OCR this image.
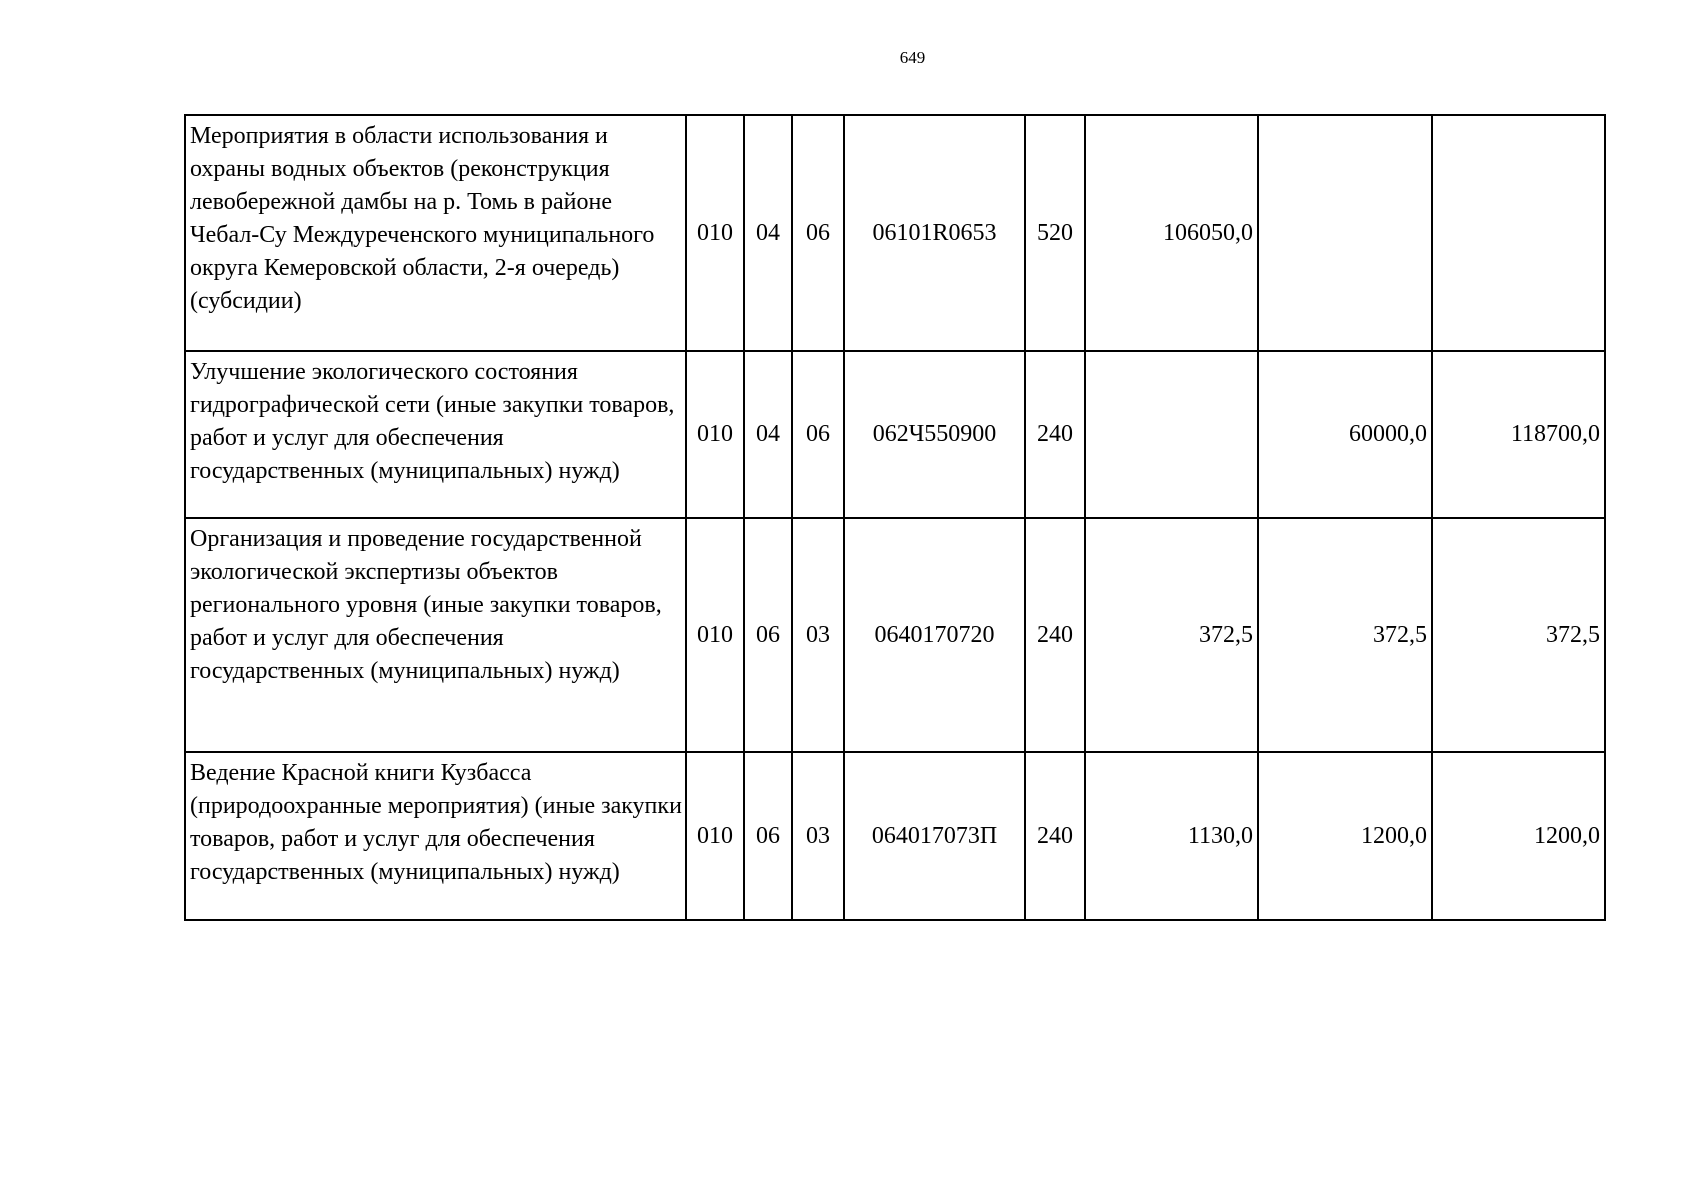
649
Мероприятия в области использования и охраны водных объектов (реконструкция левобережной дамбы на р. Томь в районе Чебал-Су Междуреченского муниципального округа Кемеровской области, 2-я очередь) (субсидии)	010	04	06	06101R0653	520	106050,0		
Улучшение экологического состояния гидрографической сети (иные закупки товаров, работ и услуг для обеспечения государственных (муниципальных) нужд)	010	04	06	062Ч550900	240		60000,0	118700,0
Организация и проведение государственной экологической экспертизы объектов регионального уровня (иные закупки товаров, работ и услуг для обеспечения государственных (муниципальных) нужд)	010	06	03	0640170720	240	372,5	372,5	372,5
Ведение Красной книги Кузбасса (природоохранные мероприятия) (иные закупки товаров, работ и услуг для обеспечения государственных (муниципальных) нужд)	010	06	03	064017073П	240	1130,0	1200,0	1200,0
